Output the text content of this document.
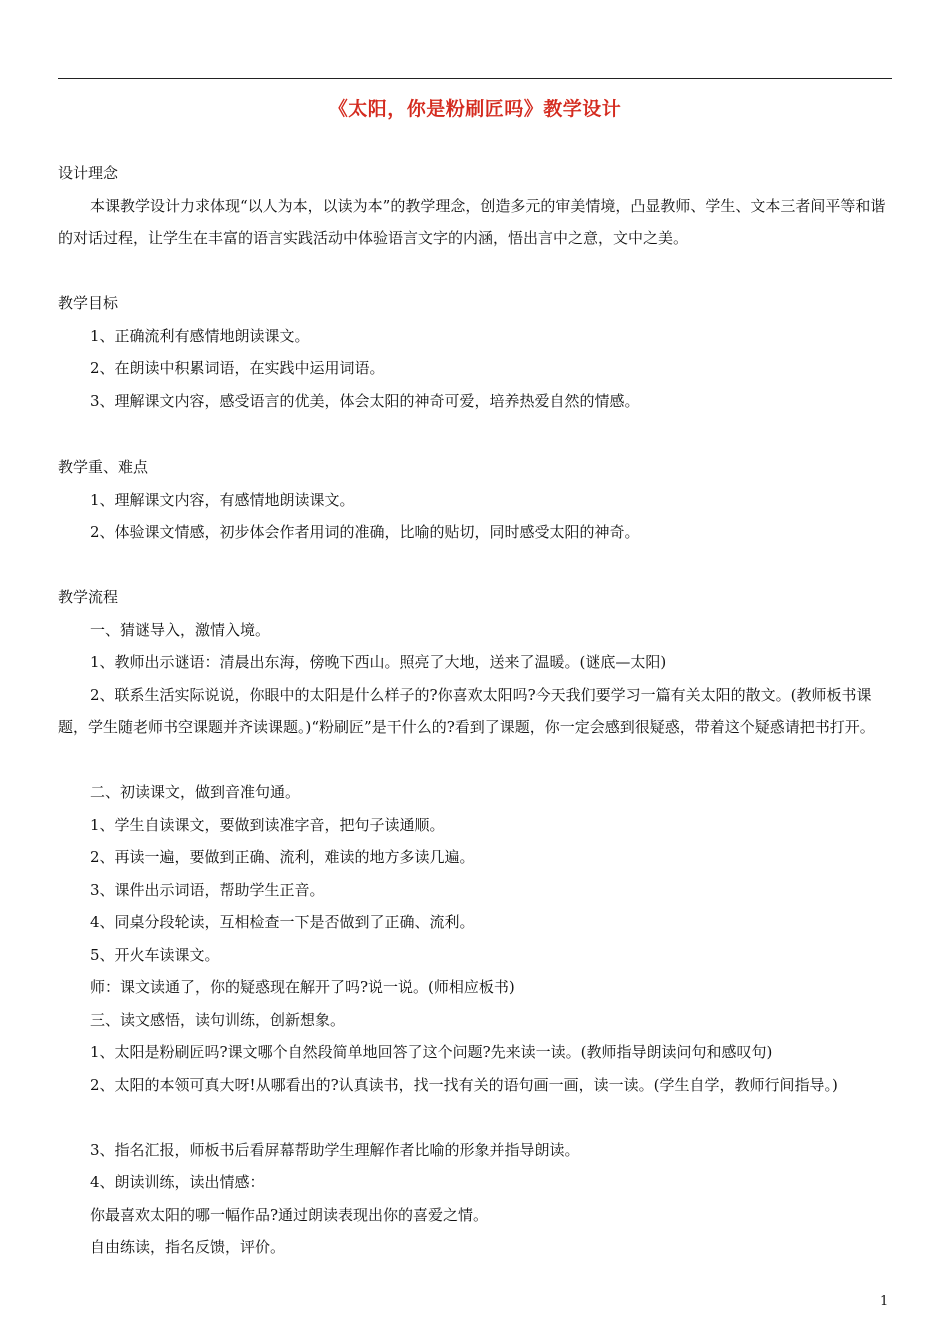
《太阳，你是粉刷匠吗》教学设计
设计理念
本课教学设计力求体现“以人为本，以读为本”的教学理念，创造多元的审美情境，凸显教师、学生、文本三者间平等和谐的对话过程，让学生在丰富的语言实践活动中体验语言文字的内涵，悟出言中之意，文中之美。
教学目标
1、正确流利有感情地朗读课文。
2、在朗读中积累词语，在实践中运用词语。
3、理解课文内容，感受语言的优美，体会太阳的神奇可爱，培养热爱自然的情感。
教学重、难点
1、理解课文内容，有感情地朗读课文。
2、体验课文情感，初步体会作者用词的准确，比喻的贴切，同时感受太阳的神奇。
教学流程
一、猜谜导入，激情入境。
1、教师出示谜语：清晨出东海，傍晚下西山。照亮了大地，送来了温暖。(谜底—太阳)
2、联系生活实际说说，你眼中的太阳是什么样子的?你喜欢太阳吗?今天我们要学习一篇有关太阳的散文。(教师板书课题，学生随老师书空课题并齐读课题。)“粉刷匠”是干什么的?看到了课题，你一定会感到很疑惑，带着这个疑惑请把书打开。
二、初读课文，做到音准句通。
1、学生自读课文，要做到读准字音，把句子读通顺。
2、再读一遍，要做到正确、流利，难读的地方多读几遍。
3、课件出示词语，帮助学生正音。
4、同桌分段轮读，互相检查一下是否做到了正确、流利。
5、开火车读课文。
师：课文读通了，你的疑惑现在解开了吗?说一说。(师相应板书)
三、读文感悟，读句训练，创新想象。
1、太阳是粉刷匠吗?课文哪个自然段简单地回答了这个问题?先来读一读。(教师指导朗读问句和感叹句)
2、太阳的本领可真大呀!从哪看出的?认真读书，找一找有关的语句画一画，读一读。(学生自学，教师行间指导。)
3、指名汇报，师板书后看屏幕帮助学生理解作者比喻的形象并指导朗读。
4、朗读训练，读出情感：
你最喜欢太阳的哪一幅作品?通过朗读表现出你的喜爱之情。
自由练读，指名反馈，评价。
1
